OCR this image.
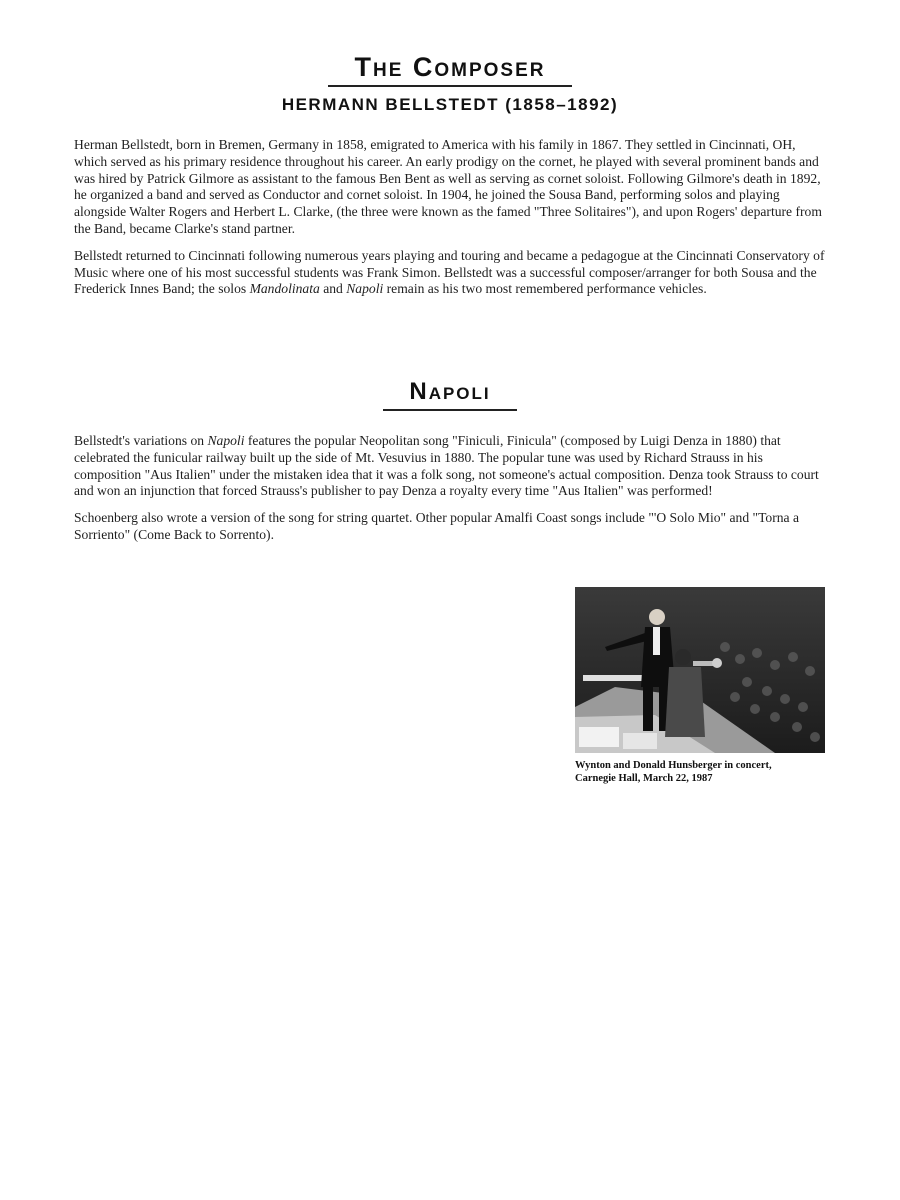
The Composer
HERMANN BELLSTEDT (1858–1892)

Herman Bellstedt, born in Bremen, Germany in 1858, emigrated to America with his family in 1867. They settled in Cincinnati, OH, which served as his primary residence throughout his career. An early prodigy on the cornet, he played with several prominent bands and was hired by Patrick Gilmore as assistant to the famous Ben Bent as well as serving as cornet soloist. Following Gilmore's death in 1892, he organized a band and served as Conductor and cornet soloist. In 1904, he joined the Sousa Band, performing solos and playing alongside Walter Rogers and Herbert L. Clarke, (the three were known as the famed "Three Solitaires"), and upon Rogers' departure from the Band, became Clarke's stand partner.

Bellstedt returned to Cincinnati following numerous years playing and touring and became a pedagogue at the Cincinnati Conservatory of Music where one of his most successful students was Frank Simon. Bellstedt was a successful composer/arranger for both Sousa and the Frederick Innes Band; the solos Mandolinata and Napoli remain as his two most remembered performance vehicles.

Napoli

Bellstedt's variations on Napoli features the popular Neopolitan song "Finiculi, Finicula" (composed by Luigi Denza in 1880) that celebrated the funicular railway built up the side of Mt. Vesuvius in 1880. The popular tune was used by Richard Strauss in his composition "Aus Italien" under the mistaken idea that it was a folk song, not someone's actual composition. Denza took Strauss to court and won an injunction that forced Strauss's publisher to pay Denza a royalty every time "Aus Italien" was performed!

Schoenberg also wrote a version of the song for string quartet. Other popular Amalfi Coast songs include "'O Solo Mio" and "Torna a Sorriento" (Come Back to Sorrento).

Wynton and Donald Hunsberger in concert, Carnegie Hall, March 22, 1987
